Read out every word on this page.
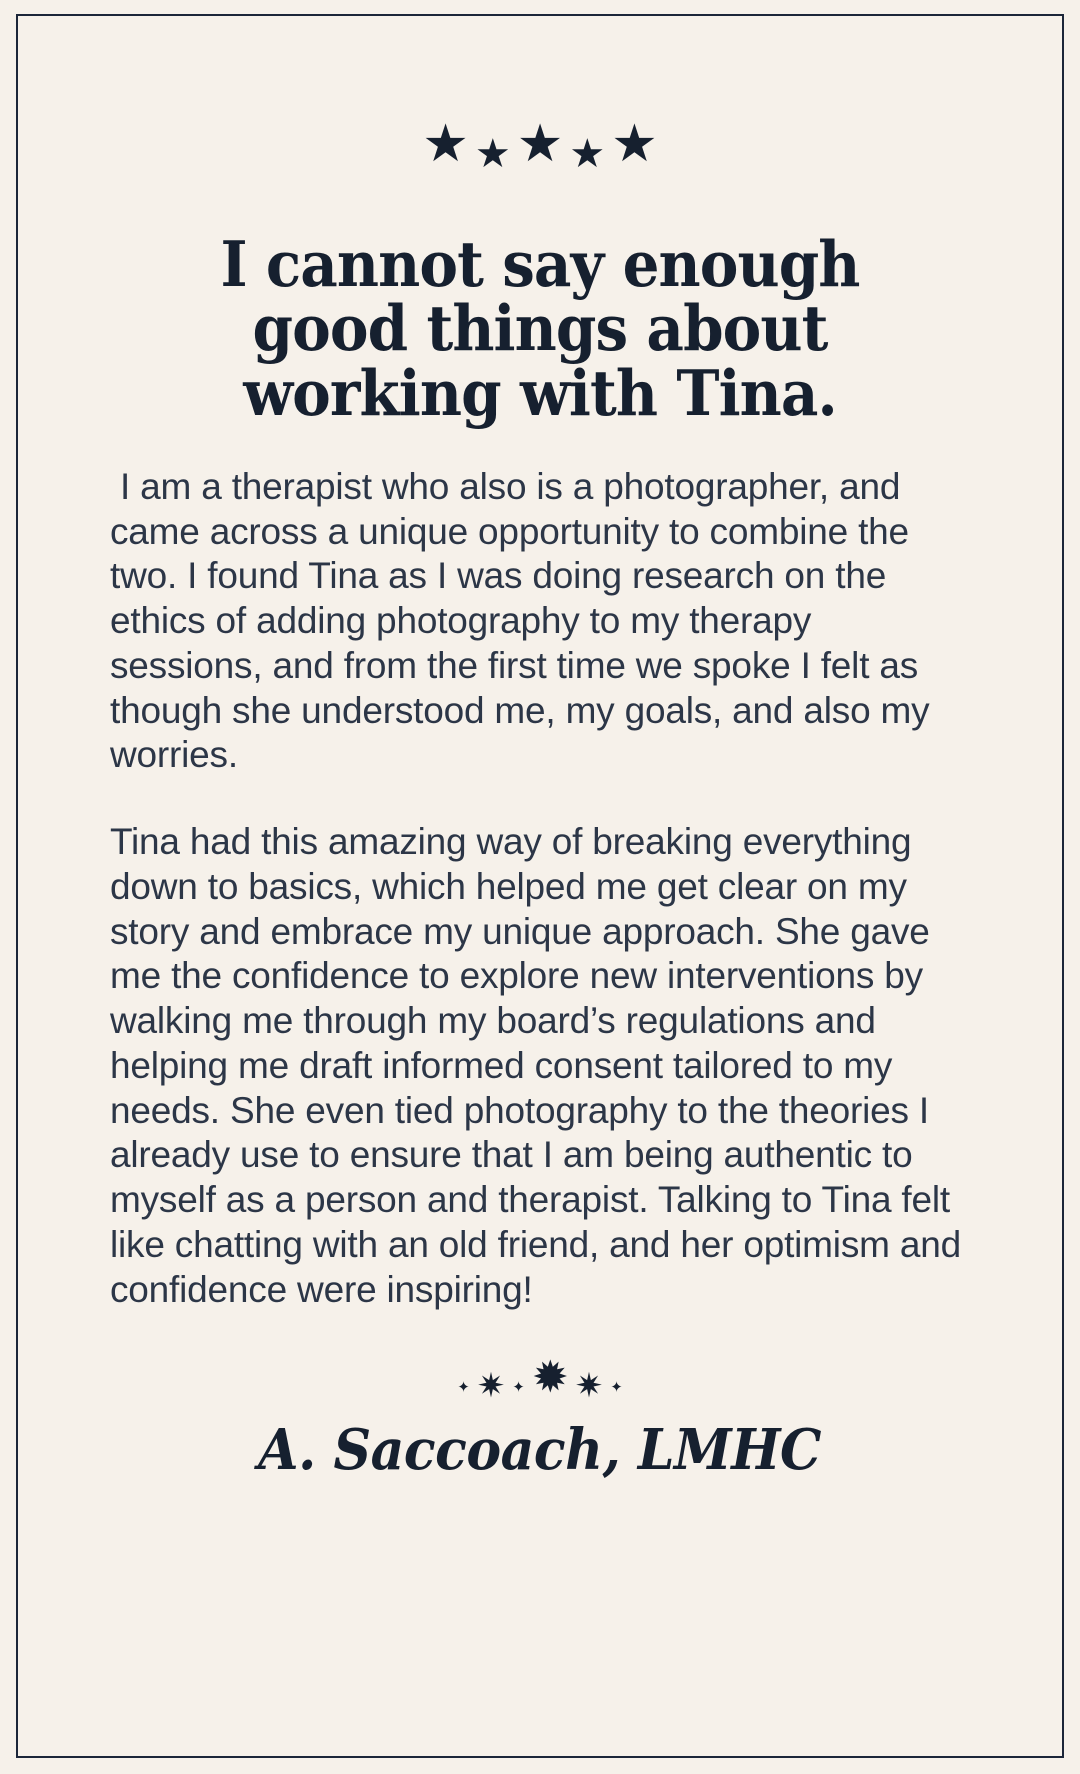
★ ★ ★ ★ ★
I cannot say enough good things about working with Tina.

I am a therapist who also is a photographer, and came across a unique opportunity to combine the two. I found Tina as I was doing research on the ethics of adding photography to my therapy sessions, and from the first time we spoke I felt as though she understood me, my goals, and also my worries.

Tina had this amazing way of breaking everything down to basics, which helped me get clear on my story and embrace my unique approach. She gave me the confidence to explore new interventions by walking me through my board’s regulations and helping me draft informed consent tailored to my needs. She even tied photography to the theories I already use to ensure that I am being authentic to myself as a person and therapist. Talking to Tina felt like chatting with an old friend, and her optimism and confidence were inspiring!

✦ ✷ ✦ ✹ ✷ ✦
A. Saccoach, LMHC
